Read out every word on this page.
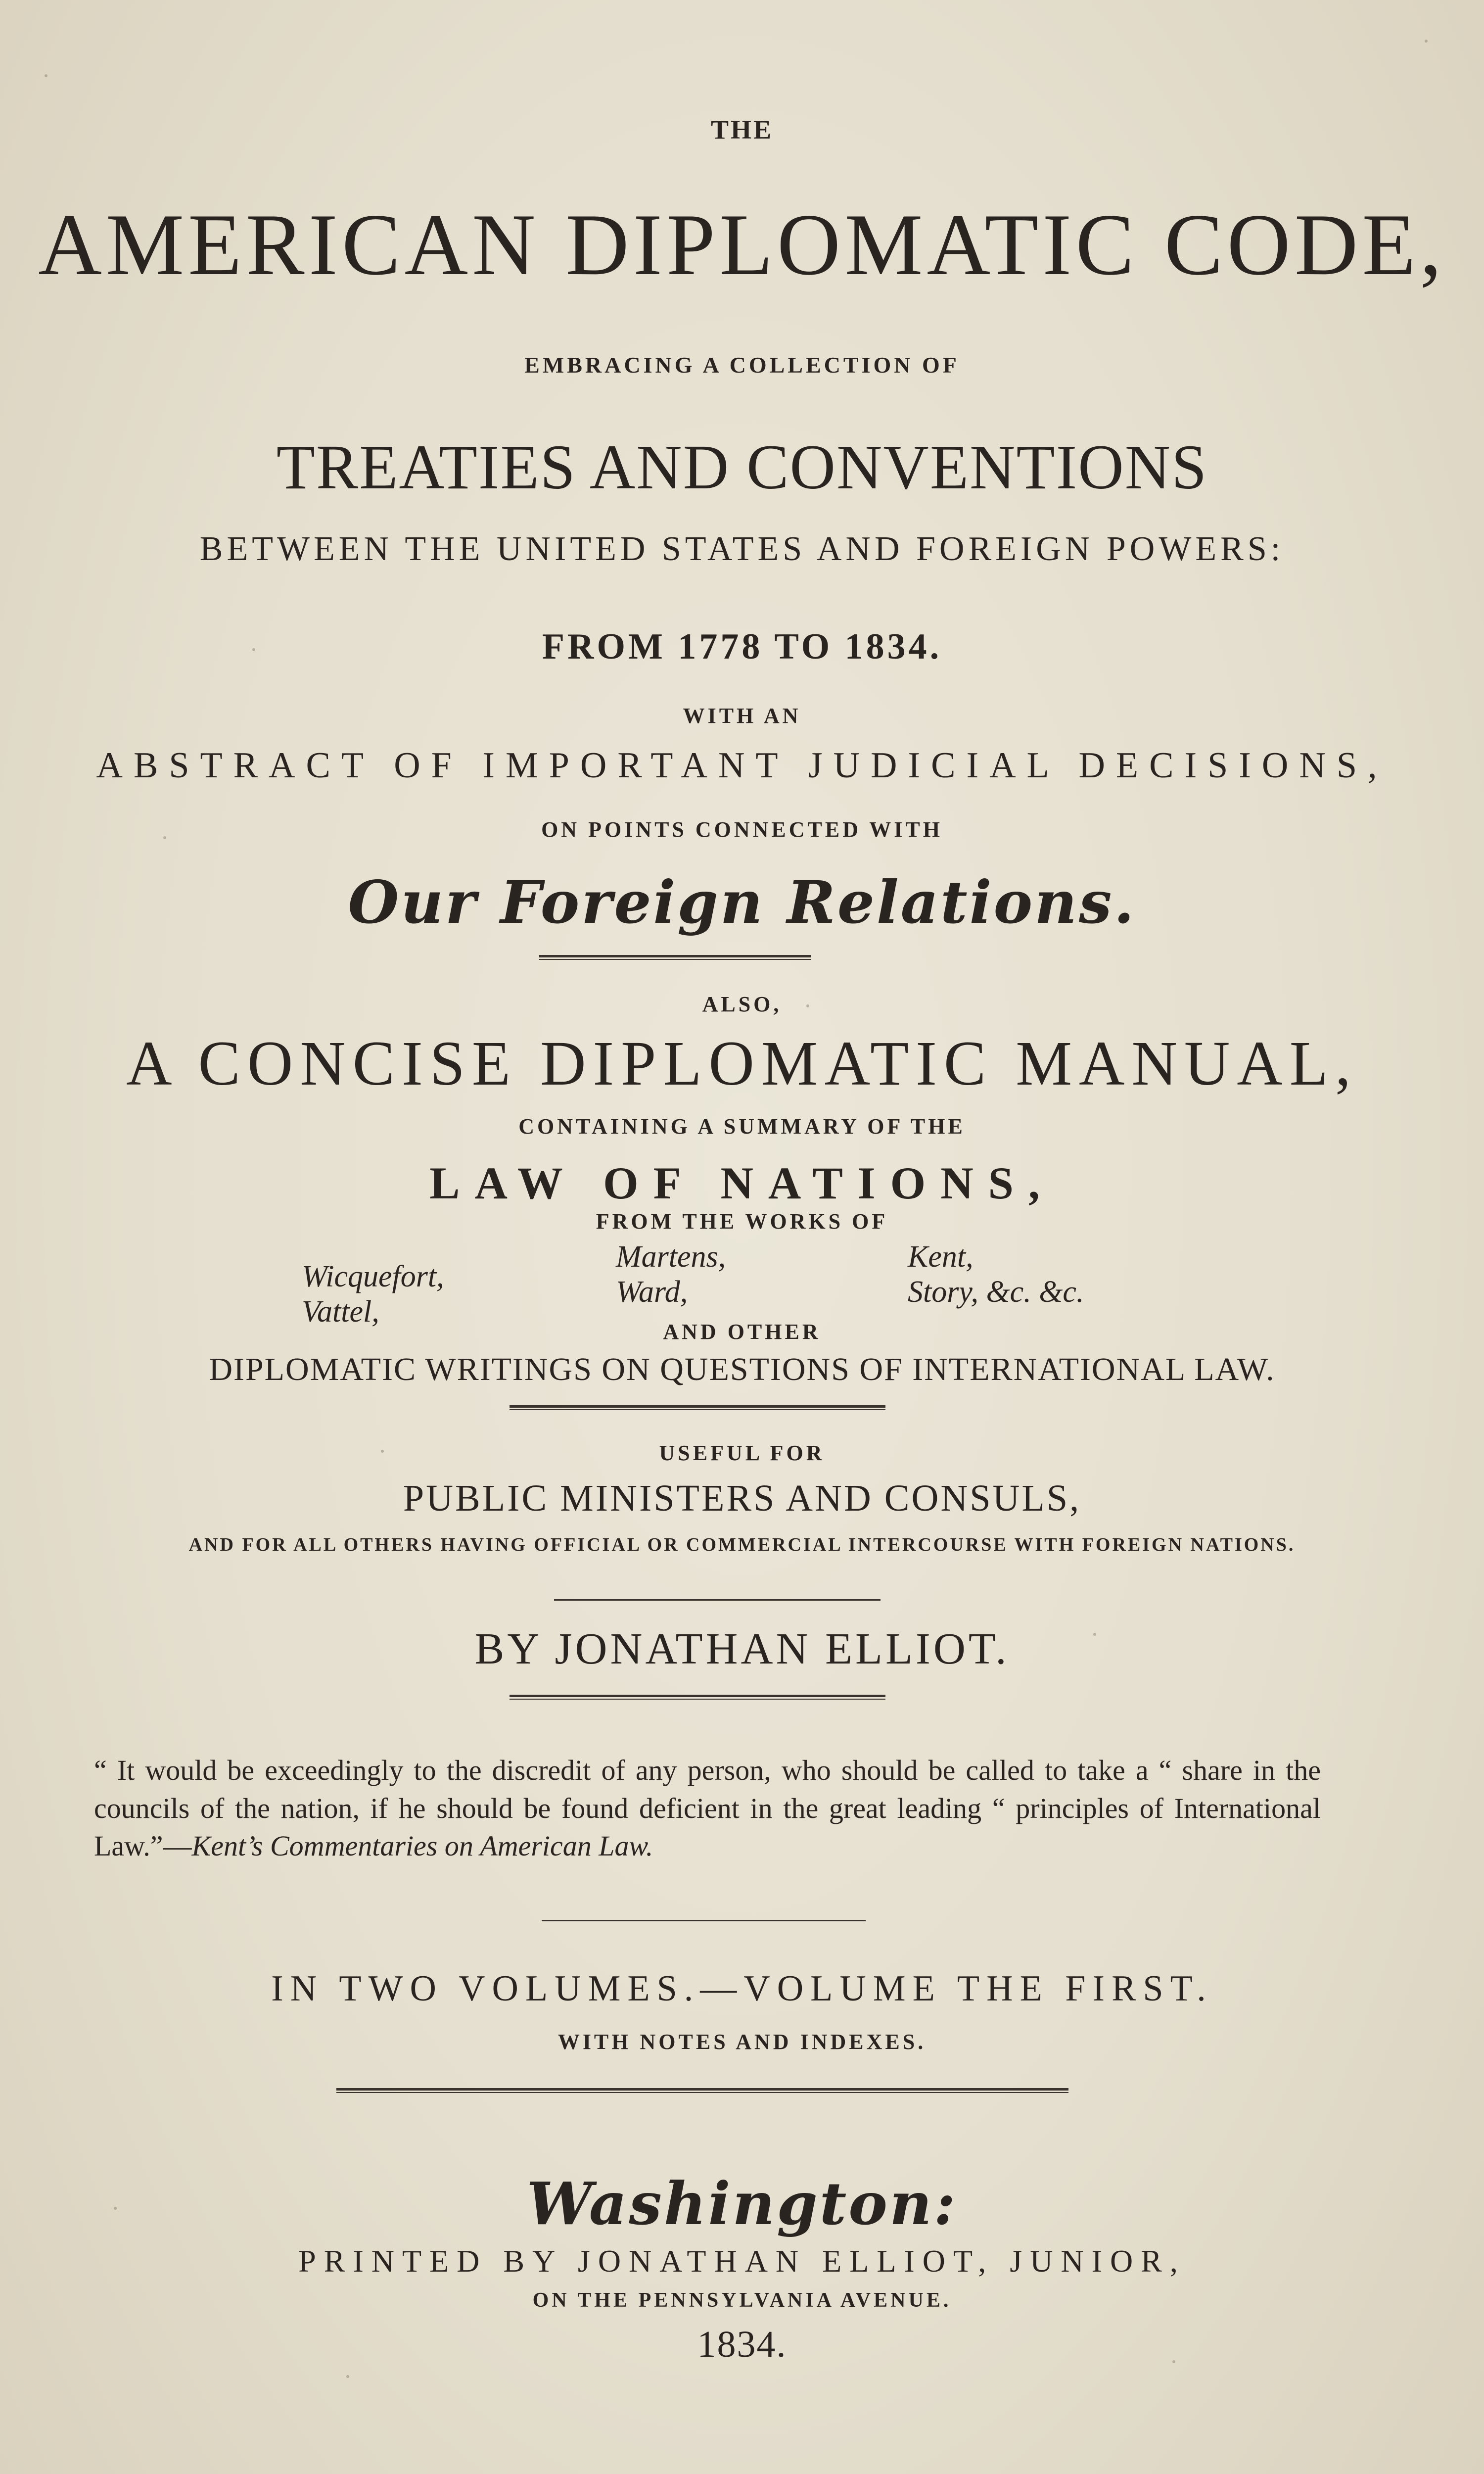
THE
AMERICAN DIPLOMATIC CODE,
EMBRACING A COLLECTION OF
TREATIES AND CONVENTIONS
BETWEEN THE UNITED STATES AND FOREIGN POWERS:
FROM 1778 TO 1834.
WITH AN
ABSTRACT OF IMPORTANT JUDICIAL DECISIONS,
ON POINTS CONNECTED WITH
Our Foreign Relations.
ALSO,
A CONCISE DIPLOMATIC MANUAL,
CONTAINING A SUMMARY OF THE
LAW OF NATIONS,
FROM THE WORKS OF
Wicquefort,
Vattel,
Martens,
Ward,
Kent,
Story, &c. &c.
AND OTHER
DIPLOMATIC WRITINGS ON QUESTIONS OF INTERNATIONAL LAW.
USEFUL FOR
PUBLIC MINISTERS AND CONSULS,
AND FOR ALL OTHERS HAVING OFFICIAL OR COMMERCIAL INTERCOURSE WITH FOREIGN NATIONS.
BY JONATHAN ELLIOT.
“ It would be exceedingly to the discredit of any person, who should be called to take a “ share in the councils of the nation, if he should be found deficient in the great leading “ principles of International Law.”—Kent’s Commentaries on American Law.
IN TWO VOLUMES.—VOLUME THE FIRST.
WITH NOTES AND INDEXES.
Washington:
PRINTED BY JONATHAN ELLIOT, JUNIOR,
ON THE PENNSYLVANIA AVENUE.
1834.
